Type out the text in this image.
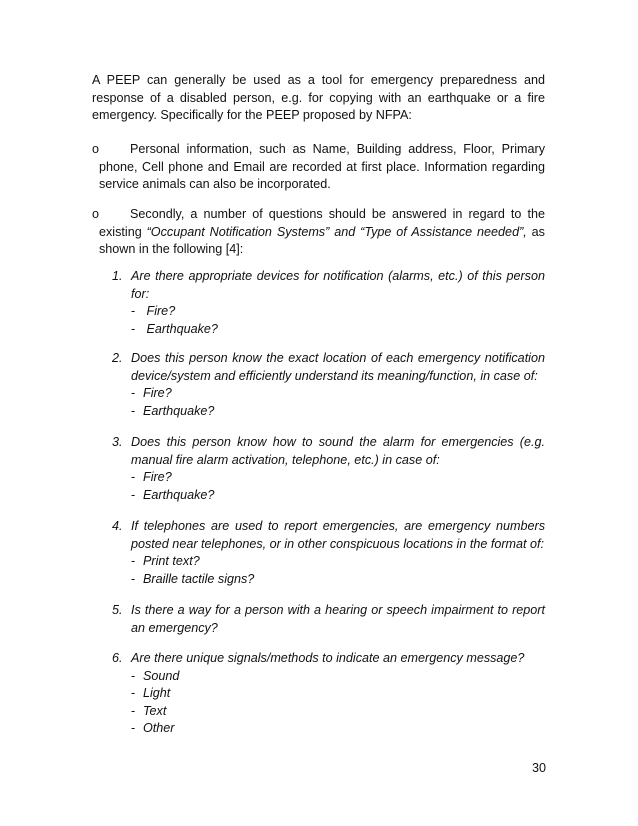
A PEEP can generally be used as a tool for emergency preparedness and
response of a disabled person, e.g. for copying with an earthquake or a fire
emergency. Specifically for the PEEP proposed by NFPA:
o	Personal information, such as Name, Building address, Floor, Primary
phone, Cell phone and Email are recorded at first place. Information regarding
service animals can also be incorporated.
o	Secondly, a number of questions should be answered in regard to the
existing “Occupant Notification Systems” and “Type of Assistance needed”, as
shown in the following [4]:
1. Are there appropriate devices for notification (alarms, etc.) of this person
for:
- Fire?
- Earthquake?
2. Does this person know the exact location of each emergency notification
device/system and efficiently understand its meaning/function, in case of:
- Fire?
- Earthquake?
3. Does this person know how to sound the alarm for emergencies (e.g.
manual fire alarm activation, telephone, etc.) in case of:
- Fire?
- Earthquake?
4. If telephones are used to report emergencies, are emergency numbers
posted near telephones, or in other conspicuous locations in the format of:
- Print text?
- Braille tactile signs?
5. Is there a way for a person with a hearing or speech impairment to report
an emergency?
6. Are there unique signals/methods to indicate an emergency message?
- Sound
- Light
- Text
- Other
30
